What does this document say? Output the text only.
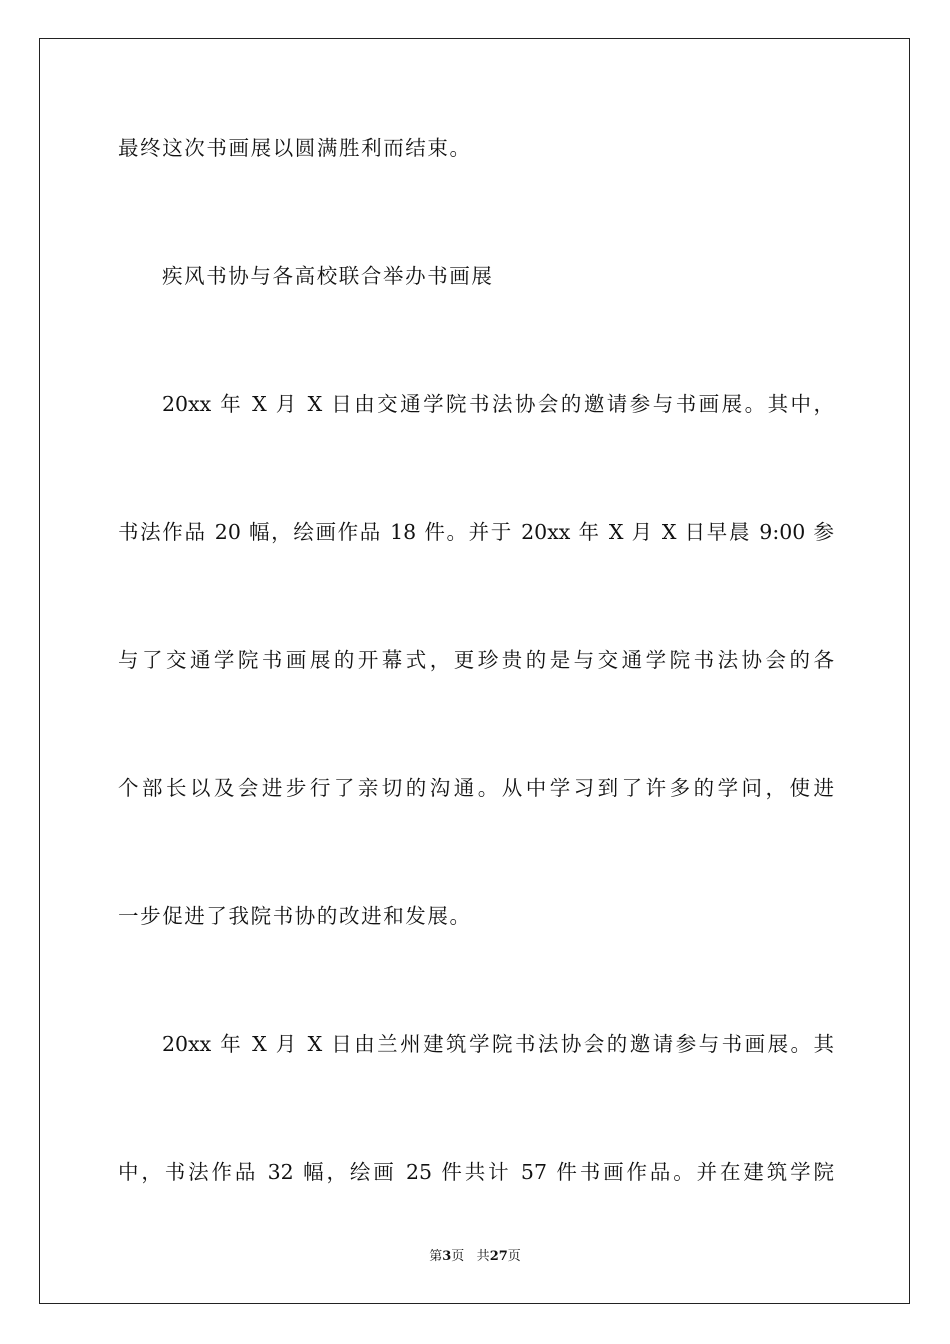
最终这次书画展以圆满胜利而结束。
疾风书协与各高校联合举办书画展
20xx 年 X 月 X 日由交通学院书法协会的邀请参与书画展。其中，
书法作品 20 幅，绘画作品 18 件。并于 20xx 年 X 月 X 日早晨 9:00 参
与了交通学院书画展的开幕式，更珍贵的是与交通学院书法协会的各
个部长以及会进步行了亲切的沟通。从中学习到了许多的学问，使进
一步促进了我院书协的改进和发展。
20xx 年 X 月 X 日由兰州建筑学院书法协会的邀请参与书画展。其
中，书法作品 32 幅，绘画 25 件共计 57 件书画作品。并在建筑学院
第3页 共27页
